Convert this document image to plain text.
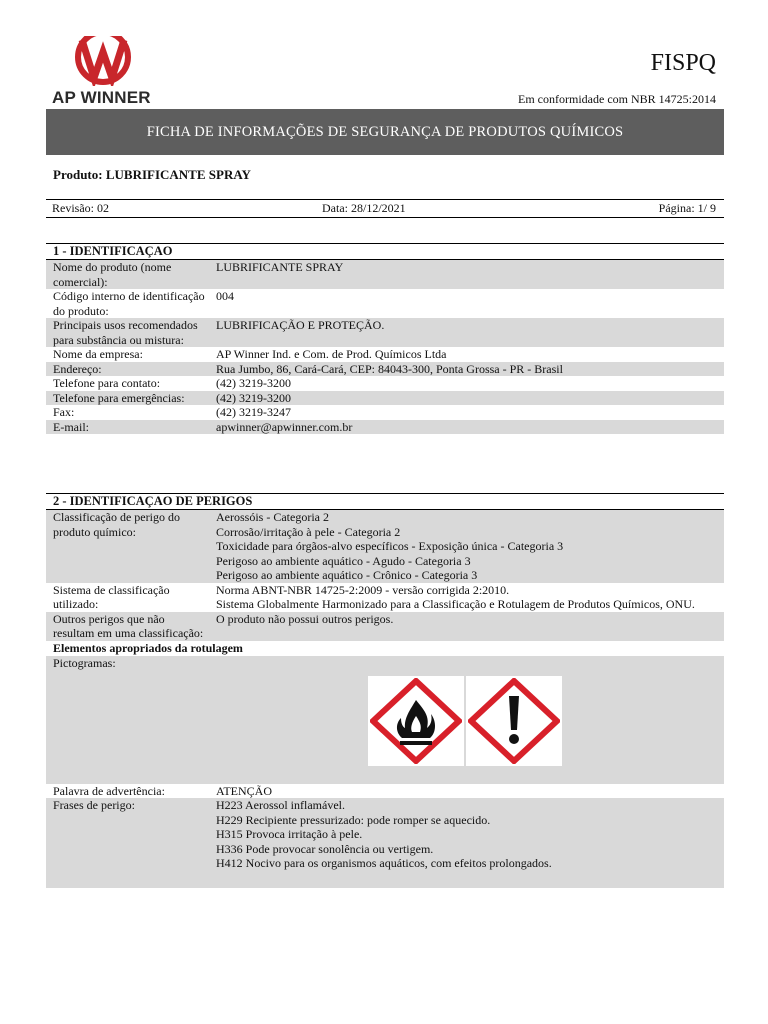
AP WINNER
FISPQ
Em conformidade com NBR 14725:2014
FICHA DE INFORMAÇÕES DE SEGURANÇA DE PRODUTOS QUÍMICOS
Produto: LUBRIFICANTE SPRAY
Revisão: 02	Data: 28/12/2021	Página: 1/ 9
1 - IDENTIFICAÇAO
Nome do produto (nome comercial):
LUBRIFICANTE SPRAY
Código interno de identificação do produto:
004
Principais usos recomendados para substância ou mistura:
LUBRIFICAÇÃO E PROTEÇÃO.
Nome da empresa:	AP Winner Ind. e Com. de Prod. Químicos Ltda
Endereço:	Rua Jumbo, 86, Cará-Cará, CEP: 84043-300, Ponta Grossa - PR - Brasil
Telefone para contato:	(42) 3219-3200
Telefone para emergências:	(42) 3219-3200
Fax:	(42) 3219-3247
E-mail:	apwinner@apwinner.com.br
2 - IDENTIFICAÇAO DE PERIGOS
Classificação de perigo do produto químico:
Aerossóis - Categoria 2
Corrosão/irritação à pele - Categoria 2
Toxicidade para órgãos-alvo específicos - Exposição única - Categoria 3
Perigoso ao ambiente aquático - Agudo - Categoria 3
Perigoso ao ambiente aquático - Crônico - Categoria 3
Sistema de classificação utilizado:
Norma ABNT-NBR 14725-2:2009 - versão corrigida 2:2010.
Sistema Globalmente Harmonizado para a Classificação e Rotulagem de Produtos Químicos, ONU.
Outros perigos que não resultam em uma classificação:
O produto não possui outros perigos.
Elementos apropriados da rotulagem
Pictogramas:
Palavra de advertência:	ATENÇÃO
Frases de perigo:	H223 Aerossol inflamável.
H229 Recipiente pressurizado: pode romper se aquecido.
H315 Provoca irritação à pele.
H336 Pode provocar sonolência ou vertigem.
H412 Nocivo para os organismos aquáticos, com efeitos prolongados.
